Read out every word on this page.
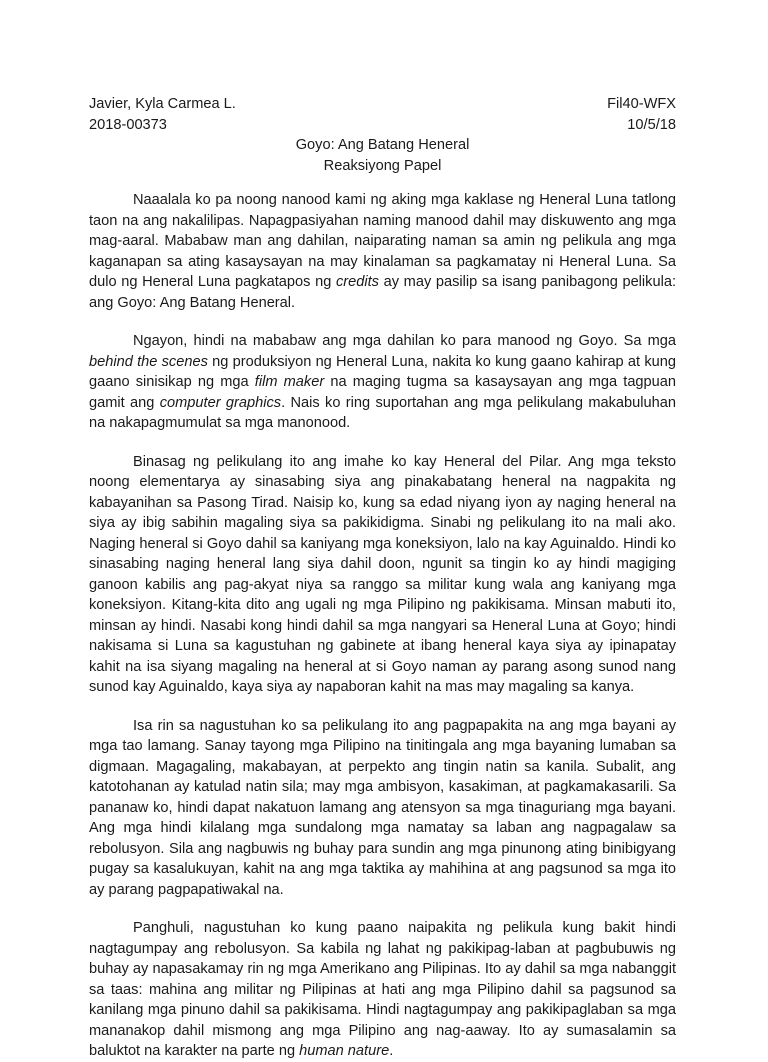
Javier, Kyla Carmea L.	Fil40-WFX
2018-00373	10/5/18
Goyo: Ang Batang Heneral
Reaksiyong Papel

Naaalala ko pa noong nanood kami ng aking mga kaklase ng Heneral Luna tatlong taon na ang nakalilipas. Napagpasiyahan naming manood dahil may diskuwento ang mga mag-aaral. Mababaw man ang dahilan, naiparating naman sa amin ng pelikula ang mga kaganapan sa ating kasaysayan na may kinalaman sa pagkamatay ni Heneral Luna. Sa dulo ng Heneral Luna pagkatapos ng credits ay may pasilip sa isang panibagong pelikula: ang Goyo: Ang Batang Heneral.

Ngayon, hindi na mababaw ang mga dahilan ko para manood ng Goyo. Sa mga behind the scenes ng produksiyon ng Heneral Luna, nakita ko kung gaano kahirap at kung gaano sinisikap ng mga film maker na maging tugma sa kasaysayan ang mga tagpuan gamit ang computer graphics. Nais ko ring suportahan ang mga pelikulang makabuluhan na nakapagmumulat sa mga manonood.

Binasag ng pelikulang ito ang imahe ko kay Heneral del Pilar. Ang mga teksto noong elementarya ay sinasabing siya ang pinakabatang heneral na nagpakita ng kabayanihan sa Pasong Tirad. Naisip ko, kung sa edad niyang iyon ay naging heneral na siya ay ibig sabihin magaling siya sa pakikidigma. Sinabi ng pelikulang ito na mali ako. Naging heneral si Goyo dahil sa kaniyang mga koneksiyon, lalo na kay Aguinaldo. Hindi ko sinasabing naging heneral lang siya dahil doon, ngunit sa tingin ko ay hindi magiging ganoon kabilis ang pag-akyat niya sa ranggo sa militar kung wala ang kaniyang mga koneksiyon. Kitang-kita dito ang ugali ng mga Pilipino ng pakikisama. Minsan mabuti ito, minsan ay hindi. Nasabi kong hindi dahil sa mga nangyari sa Heneral Luna at Goyo; hindi nakisama si Luna sa kagustuhan ng gabinete at ibang heneral kaya siya ay ipinapatay kahit na isa siyang magaling na heneral at si Goyo naman ay parang asong sunod nang sunod kay Aguinaldo, kaya siya ay napaboran kahit na mas may magaling sa kanya.

Isa rin sa nagustuhan ko sa pelikulang ito ang pagpapakita na ang mga bayani ay mga tao lamang. Sanay tayong mga Pilipino na tinitingala ang mga bayaning lumaban sa digmaan. Magagaling, makabayan, at perpekto ang tingin natin sa kanila. Subalit, ang katotohanan ay katulad natin sila; may mga ambisyon, kasakiman, at pagkamakasarili. Sa pananaw ko, hindi dapat nakatuon lamang ang atensyon sa mga tinaguriang mga bayani. Ang mga hindi kilalang mga sundalong mga namatay sa laban ang nagpagalaw sa rebolusyon. Sila ang nagbuwis ng buhay para sundin ang mga pinunong ating binibigyang pugay sa kasalukuyan, kahit na ang mga taktika ay mahihina at ang pagsunod sa mga ito ay parang pagpapatiwakal na.

Panghuli, nagustuhan ko kung paano naipakita ng pelikula kung bakit hindi nagtagumpay ang rebolusyon. Sa kabila ng lahat ng pakikipag-laban at pagbubuwis ng buhay ay napasakamay rin ng mga Amerikano ang Pilipinas. Ito ay dahil sa mga nabanggit sa taas: mahina ang militar ng Pilipinas at hati ang mga Pilipino dahil sa pagsunod sa kanilang mga pinuno dahil sa pakikisama. Hindi nagtagumpay ang pakikipaglaban sa mga mananakop dahil mismong ang mga Pilipino ang nag-aaway. Ito ay sumasalamin sa baluktot na karakter na parte ng human nature.
